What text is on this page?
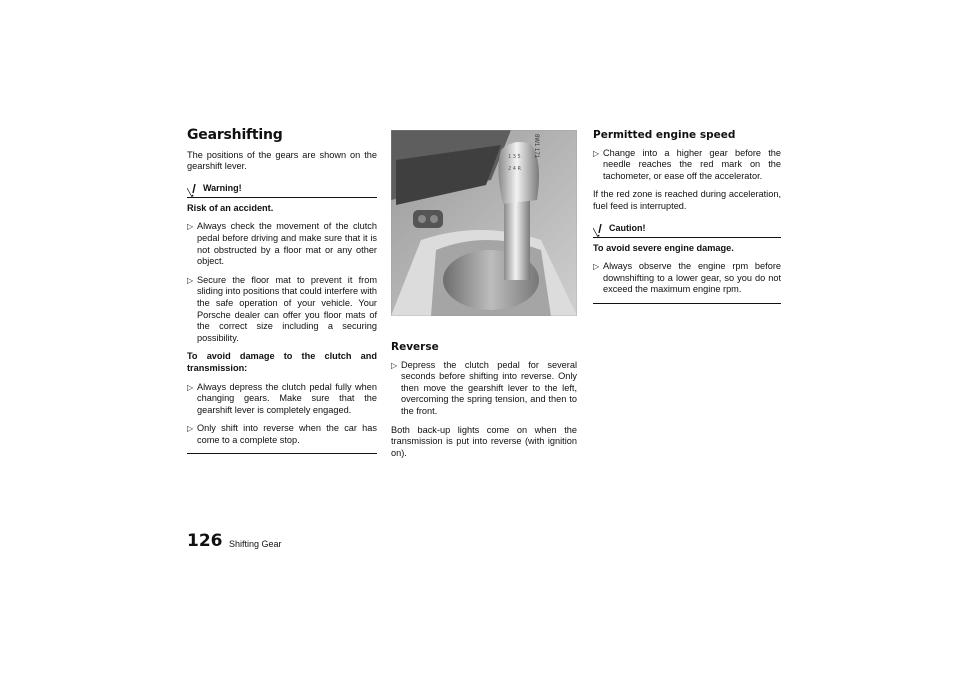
Gearshifting

The positions of the gears are shown on the gearshift lever.

Warning!

Risk of an accident.

▷ Always check the movement of the clutch pedal before driving and make sure that it is not obstructed by a floor mat or any other object.
▷ Secure the floor mat to prevent it from sliding into positions that could interfere with the safe operation of your vehicle. Your Porsche dealer can offer you floor mats of the correct size including a securing possibility.

To avoid damage to the clutch and transmission:

▷ Always depress the clutch pedal fully when changing gears. Make sure that the gearshift lever is completely engaged.
▷ Only shift into reverse when the car has come to a complete stop.
1 3 5
2 4 R
8W1 171
Reverse
▷ Depress the clutch pedal for several seconds before shifting into reverse. Only then move the gearshift lever to the left, overcoming the spring tension, and then to the front.

Both back-up lights come on when the transmission is put into reverse (with ignition on).

Permitted engine speed
▷ Change into a higher gear before the needle reaches the red mark on the tachometer, or ease off the accelerator.

If the red zone is reached during acceleration, fuel feed is interrupted.

Caution!

To avoid severe engine damage.

▷ Always observe the engine rpm before downshifting to a lower gear, so you do not exceed the maximum engine rpm.
126 Shifting Gear
